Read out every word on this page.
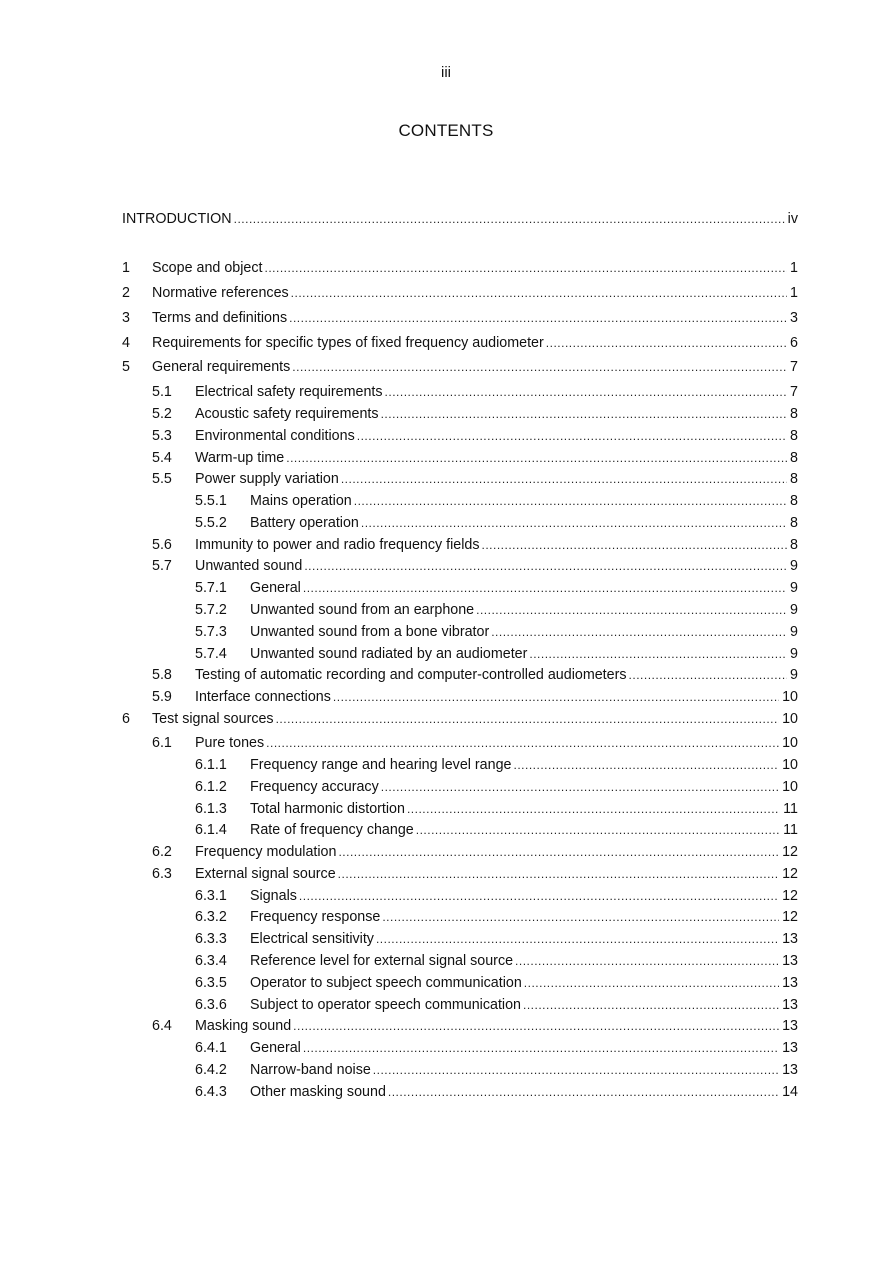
iii
CONTENTS
INTRODUCTION .....	iv
1	Scope and object .....	1
2	Normative references .....	1
3	Terms and definitions .....	3
4	Requirements for specific types of fixed frequency audiometer .....	6
5	General requirements .....	7
5.1	Electrical safety requirements .....	7
5.2	Acoustic safety requirements .....	8
5.3	Environmental conditions .....	8
5.4	Warm-up time .....	8
5.5	Power supply variation .....	8
5.5.1	Mains operation .....	8
5.5.2	Battery operation .....	8
5.6	Immunity to power and radio frequency fields .....	8
5.7	Unwanted sound .....	9
5.7.1	General .....	9
5.7.2	Unwanted sound from an earphone .....	9
5.7.3	Unwanted sound from a bone vibrator .....	9
5.7.4	Unwanted sound radiated by an audiometer .....	9
5.8	Testing of automatic recording and computer-controlled audiometers .....	9
5.9	Interface connections .....	10
6	Test signal sources .....	10
6.1	Pure tones .....	10
6.1.1	Frequency range and hearing level range .....	10
6.1.2	Frequency accuracy .....	10
6.1.3	Total harmonic distortion .....	11
6.1.4	Rate of frequency change .....	11
6.2	Frequency modulation .....	12
6.3	External signal source .....	12
6.3.1	Signals .....	12
6.3.2	Frequency response .....	12
6.3.3	Electrical sensitivity .....	13
6.3.4	Reference level for external signal source .....	13
6.3.5	Operator to subject speech communication .....	13
6.3.6	Subject to operator speech communication .....	13
6.4	Masking sound .....	13
6.4.1	General .....	13
6.4.2	Narrow-band noise .....	13
6.4.3	Other masking sound .....	14
